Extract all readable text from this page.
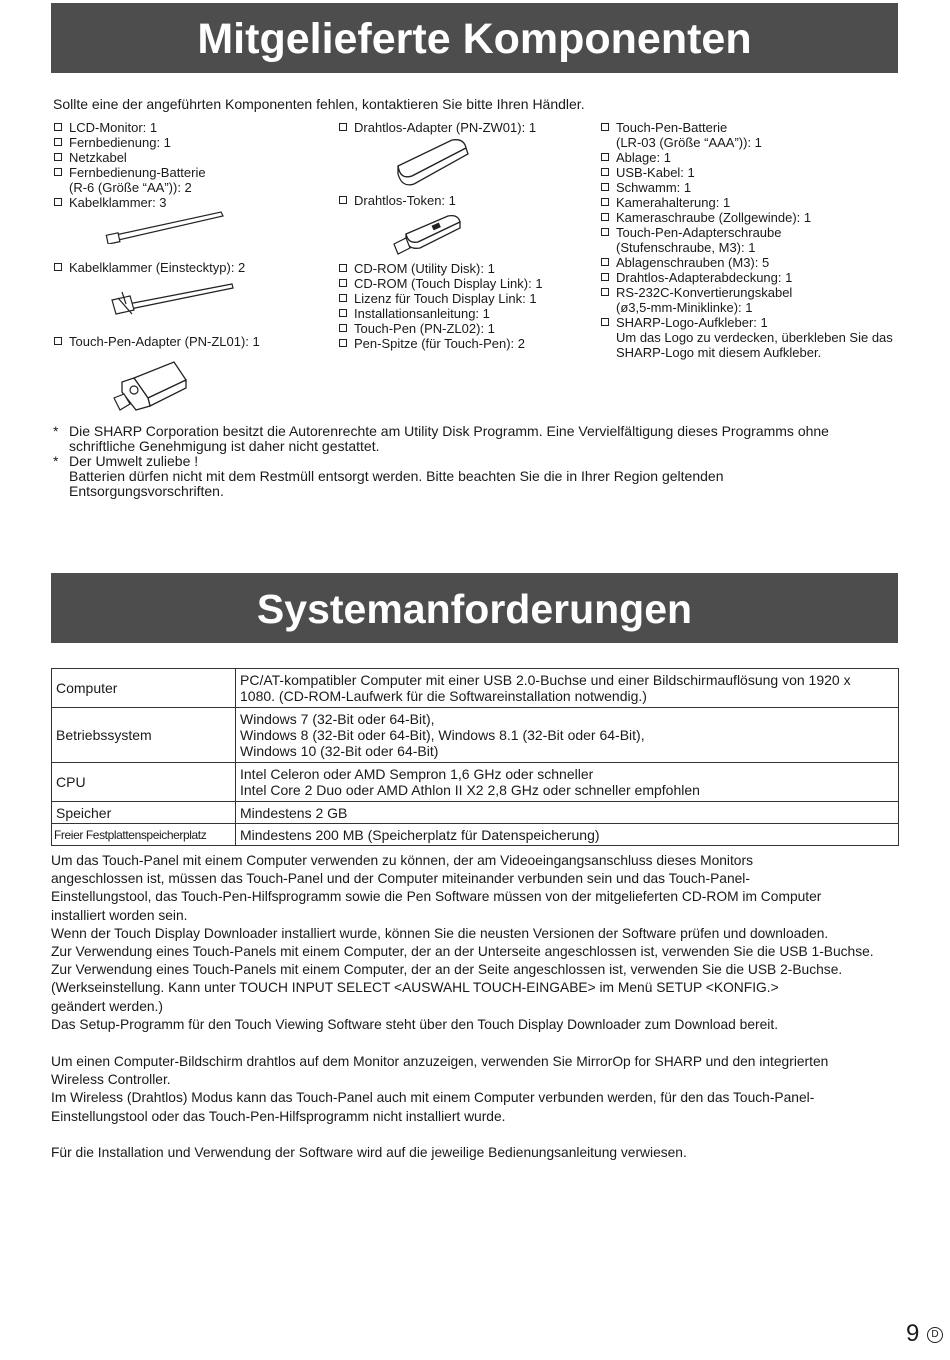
Mitgelieferte Komponenten
Sollte eine der angeführten Komponenten fehlen, kontaktieren Sie bitte Ihren Händler.
LCD-Monitor: 1
Fernbedienung: 1
Netzkabel
Fernbedienung-Batterie
(R-6 (Größe “AA”)): 2
Kabelklammer: 3
Kabelklammer (Einstecktyp): 2
Touch-Pen-Adapter (PN-ZL01): 1
Drahtlos-Adapter (PN-ZW01): 1
Drahtlos-Token: 1
CD-ROM (Utility Disk): 1
CD-ROM (Touch Display Link): 1
Lizenz für Touch Display Link: 1
Installationsanleitung: 1
Touch-Pen (PN-ZL02): 1
Pen-Spitze (für Touch-Pen): 2
Touch-Pen-Batterie
(LR-03 (Größe “AAA”)): 1
Ablage: 1
USB-Kabel: 1
Schwamm: 1
Kamerahalterung: 1
Kameraschraube (Zollgewinde): 1
Touch-Pen-Adapterschraube
(Stufenschraube, M3): 1
Ablagenschrauben (M3): 5
Drahtlos-Adapterabdeckung: 1
RS-232C-Konvertierungskabel
(ø3,5-mm-Miniklinke): 1
SHARP-Logo-Aufkleber: 1
Um das Logo zu verdecken, überkleben Sie das
SHARP-Logo mit diesem Aufkleber.
* Die SHARP Corporation besitzt die Autorenrechte am Utility Disk Programm. Eine Vervielfältigung dieses Programms ohne
schriftliche Genehmigung ist daher nicht gestattet.
* Der Umwelt zuliebe !
Batterien dürfen nicht mit dem Restmüll entsorgt werden. Bitte beachten Sie die in Ihrer Region geltenden
Entsorgungsvorschriften.
Systemanforderungen
Computer	PC/AT-kompatibler Computer mit einer USB 2.0-Buchse und einer Bildschirmauflösung von 1920 x
1080. (CD-ROM-Laufwerk für die Softwareinstallation notwendig.)

Betriebssystem	Windows 7 (32-Bit oder 64-Bit),
Windows 8 (32-Bit oder 64-Bit), Windows 8.1 (32-Bit oder 64-Bit),
Windows 10 (32-Bit oder 64-Bit)

CPU	Intel Celeron oder AMD Sempron 1,6 GHz oder schneller
Intel Core 2 Duo oder AMD Athlon II X2 2,8 GHz oder schneller empfohlen

Speicher	Mindestens 2 GB

Freier Festplattenspeicherplatz	Mindestens 200 MB (Speicherplatz für Datenspeicherung)

Um das Touch-Panel mit einem Computer verwenden zu können, der am Videoeingangsanschluss dieses Monitors

angeschlossen ist, müssen das Touch-Panel und der Computer miteinander verbunden sein und das Touch-Panel-

Einstellungstool, das Touch-Pen-Hilfsprogramm sowie die Pen Software müssen von der mitgelieferten CD-ROM im Computer

installiert worden sein.

Wenn der Touch Display Downloader installiert wurde, können Sie die neusten Versionen der Software prüfen und downloaden.

Zur Verwendung eines Touch-Panels mit einem Computer, der an der Unterseite angeschlossen ist, verwenden Sie die USB 1-Buchse.

Zur Verwendung eines Touch-Panels mit einem Computer, der an der Seite angeschlossen ist, verwenden Sie die USB 2-Buchse.

(Werkseinstellung. Kann unter TOUCH INPUT SELECT <AUSWAHL TOUCH-EINGABE> im Menü SETUP <KONFIG.>

geändert werden.)

Das Setup-Programm für den Touch Viewing Software steht über den Touch Display Downloader zum Download bereit.

Um einen Computer-Bildschirm drahtlos auf dem Monitor anzuzeigen, verwenden Sie MirrorOp for SHARP und den integrierten

Wireless Controller.

Im Wireless (Drahtlos) Modus kann das Touch-Panel auch mit einem Computer verbunden werden, für den das Touch-Panel-

Einstellungstool oder das Touch-Pen-Hilfsprogramm nicht installiert wurde.

Für die Installation und Verwendung der Software wird auf die jeweilige Bedienungsanleitung verwiesen.

9	D
